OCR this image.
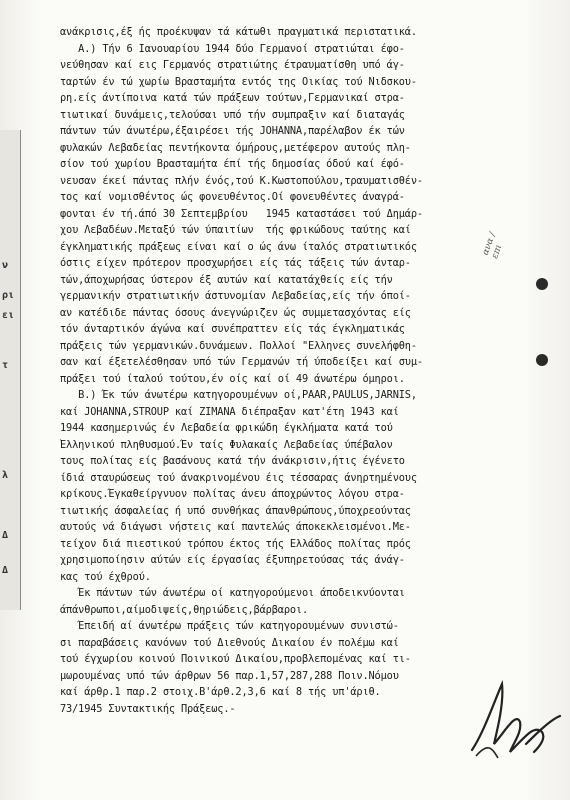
ν
ρι
ει
τ
λ
Δ
Δ
ανάκρισις,έξ ής προέκυψαν τά κάτωθι πραγματικά περιστατικά.
A.) Τήν 6 Ιανουαρίου 1944 δύο Γερμανοί στρατιώται έφο-
νεύθησαν καί εις Γερμανός στρατιώτης έτραυματίσθη υπό άγ-
ταρτών έν τώ χωρίω Βρασταμήτα εντός της Οικίας τού Νιδσκου-
ρη.είς άντίποινα κατά τών πράξεων τούτων,Γερμανικαί στρα-
τιωτικαί δυνάμεις,τελούσαι υπό τήν συμπραξιν καί διαταγάς
πάντων τών άνωτέρω,έξαιρέσει τής JOHANNA,παρέλαβον έκ τών
φυλακών Λεβαδείας πεντήκοντα όμήρους,μετέφερον αυτούς πλη-
σίον τού χωρίου Βρασταμήτα έπί τής δημοσίας όδού καί έφό-
νευσαν έκεί πάντας πλήν ένός,τού Κ.Κωστοπούλου,τραυματισθέν-
τος καί νομισθέντος ώς φονευθέντος.Οί φονευθέντες άναγρά-
φονται έν τή.άπό 30 Σεπτεμβρίου   1945 καταστάσει τού Δημάρ-
χου Λεβαδέων.Μεταξύ τών ύπαιτίων  τής φρικώδους ταύτης καί
έγκληματικής πράξεως είναι καί ο ώς άνω ίταλός στρατιωτικός
όστις είχεν πρότερον προσχωρήσει είς τάς τάξεις τών άνταρ-
τών,άποχωρήσας ύστερον έξ αυτών καί κατατάχθείς είς τήν
γερμανικήν στρατιωτικήν άστυνομίαν Λεβαδείας,είς τήν όποί-
αν κατέδιδε πάντας όσους άνεγνώριζεν ώς συμμετασχόντας είς
τόν άνταρτικόν άγώνα καί συνέπραττεν είς τάς έγκληματικάς
πράξεις τών γερμανικών.δυνάμεων. Πολλοί "Ελληνες συνελήφθη-
σαν καί έξετελέσθησαν υπό τών Γερμανών τή ύποδείξει καί συμ-
πράξει τού ίταλού τούτου,έν οίς καί οί 49 άνωτέρω όμηροι.
B.) Έκ τών άνωτέρω κατηγορουμένων οί,PAAR,PAULUS,JARNIS,
καί JOHANNA,STROUP καί ZIMANA διέπραξαν κατ'έτη 1943 καί
1944 κασημερινώς έν Λεβαδεία φρικώδη έγκλήματα κατά τού
Έλληνικού πληθυσμού.Έν ταίς Φυλακαίς Λεβαδείας ύπέβαλον
τους πολίτας είς βασάνους κατά τήν άνάκρισιν,ήτις έγένετο
ίδιά σταυρώσεως τού άνακρινομένου έις τέσσαρας άνηρτημένους
κρίκους.Έγκαθείργνυον πολίτας άνευ άποχρώντος λόγου στρα-
τιωτικής άσφαλείας ή υπό συνθήκας άπανθρώπους,ύποχρεούντας
αυτούς νά διάγωσι νήστεις καί παντελώς άποκεκλεισμένοι.Με-
τείχον διά πιεστικού τρόπου έκτος τής Ελλάδος πολίτας πρός
χρησιμοποίησιν αύτών είς έργασίας έξυπηρετούσας τάς άνάγ-
κας τού έχθρού.
Έκ πάντων τών άνωτέρω οί κατηγορούμενοι άποδεικνύονται
άπάνθρωποι,αίμοδιψείς,θηριώδεις,βάρβαροι.
Έπειδή αί άνωτέρω πράξεις τών κατηγορουμένων συνιστώ-
σι παραβάσεις κανόνων τού Διεθνούς Δικαίου έν πολέμω καί
τού έγχωρίου κοινού Ποινικού Δικαίου,προβλεπομένας καί τι-
μωρουμένας υπό τών άρθρων 56 παρ.1,57,287,288 Ποιν.Νόμου
καί άρθρ.1 παρ.2 στοιχ.Β'άρθ.2,3,6 καί 8 τής υπ'άριθ.
73/1945 Συντακτικής Πράξεως.-
ανα / επι
